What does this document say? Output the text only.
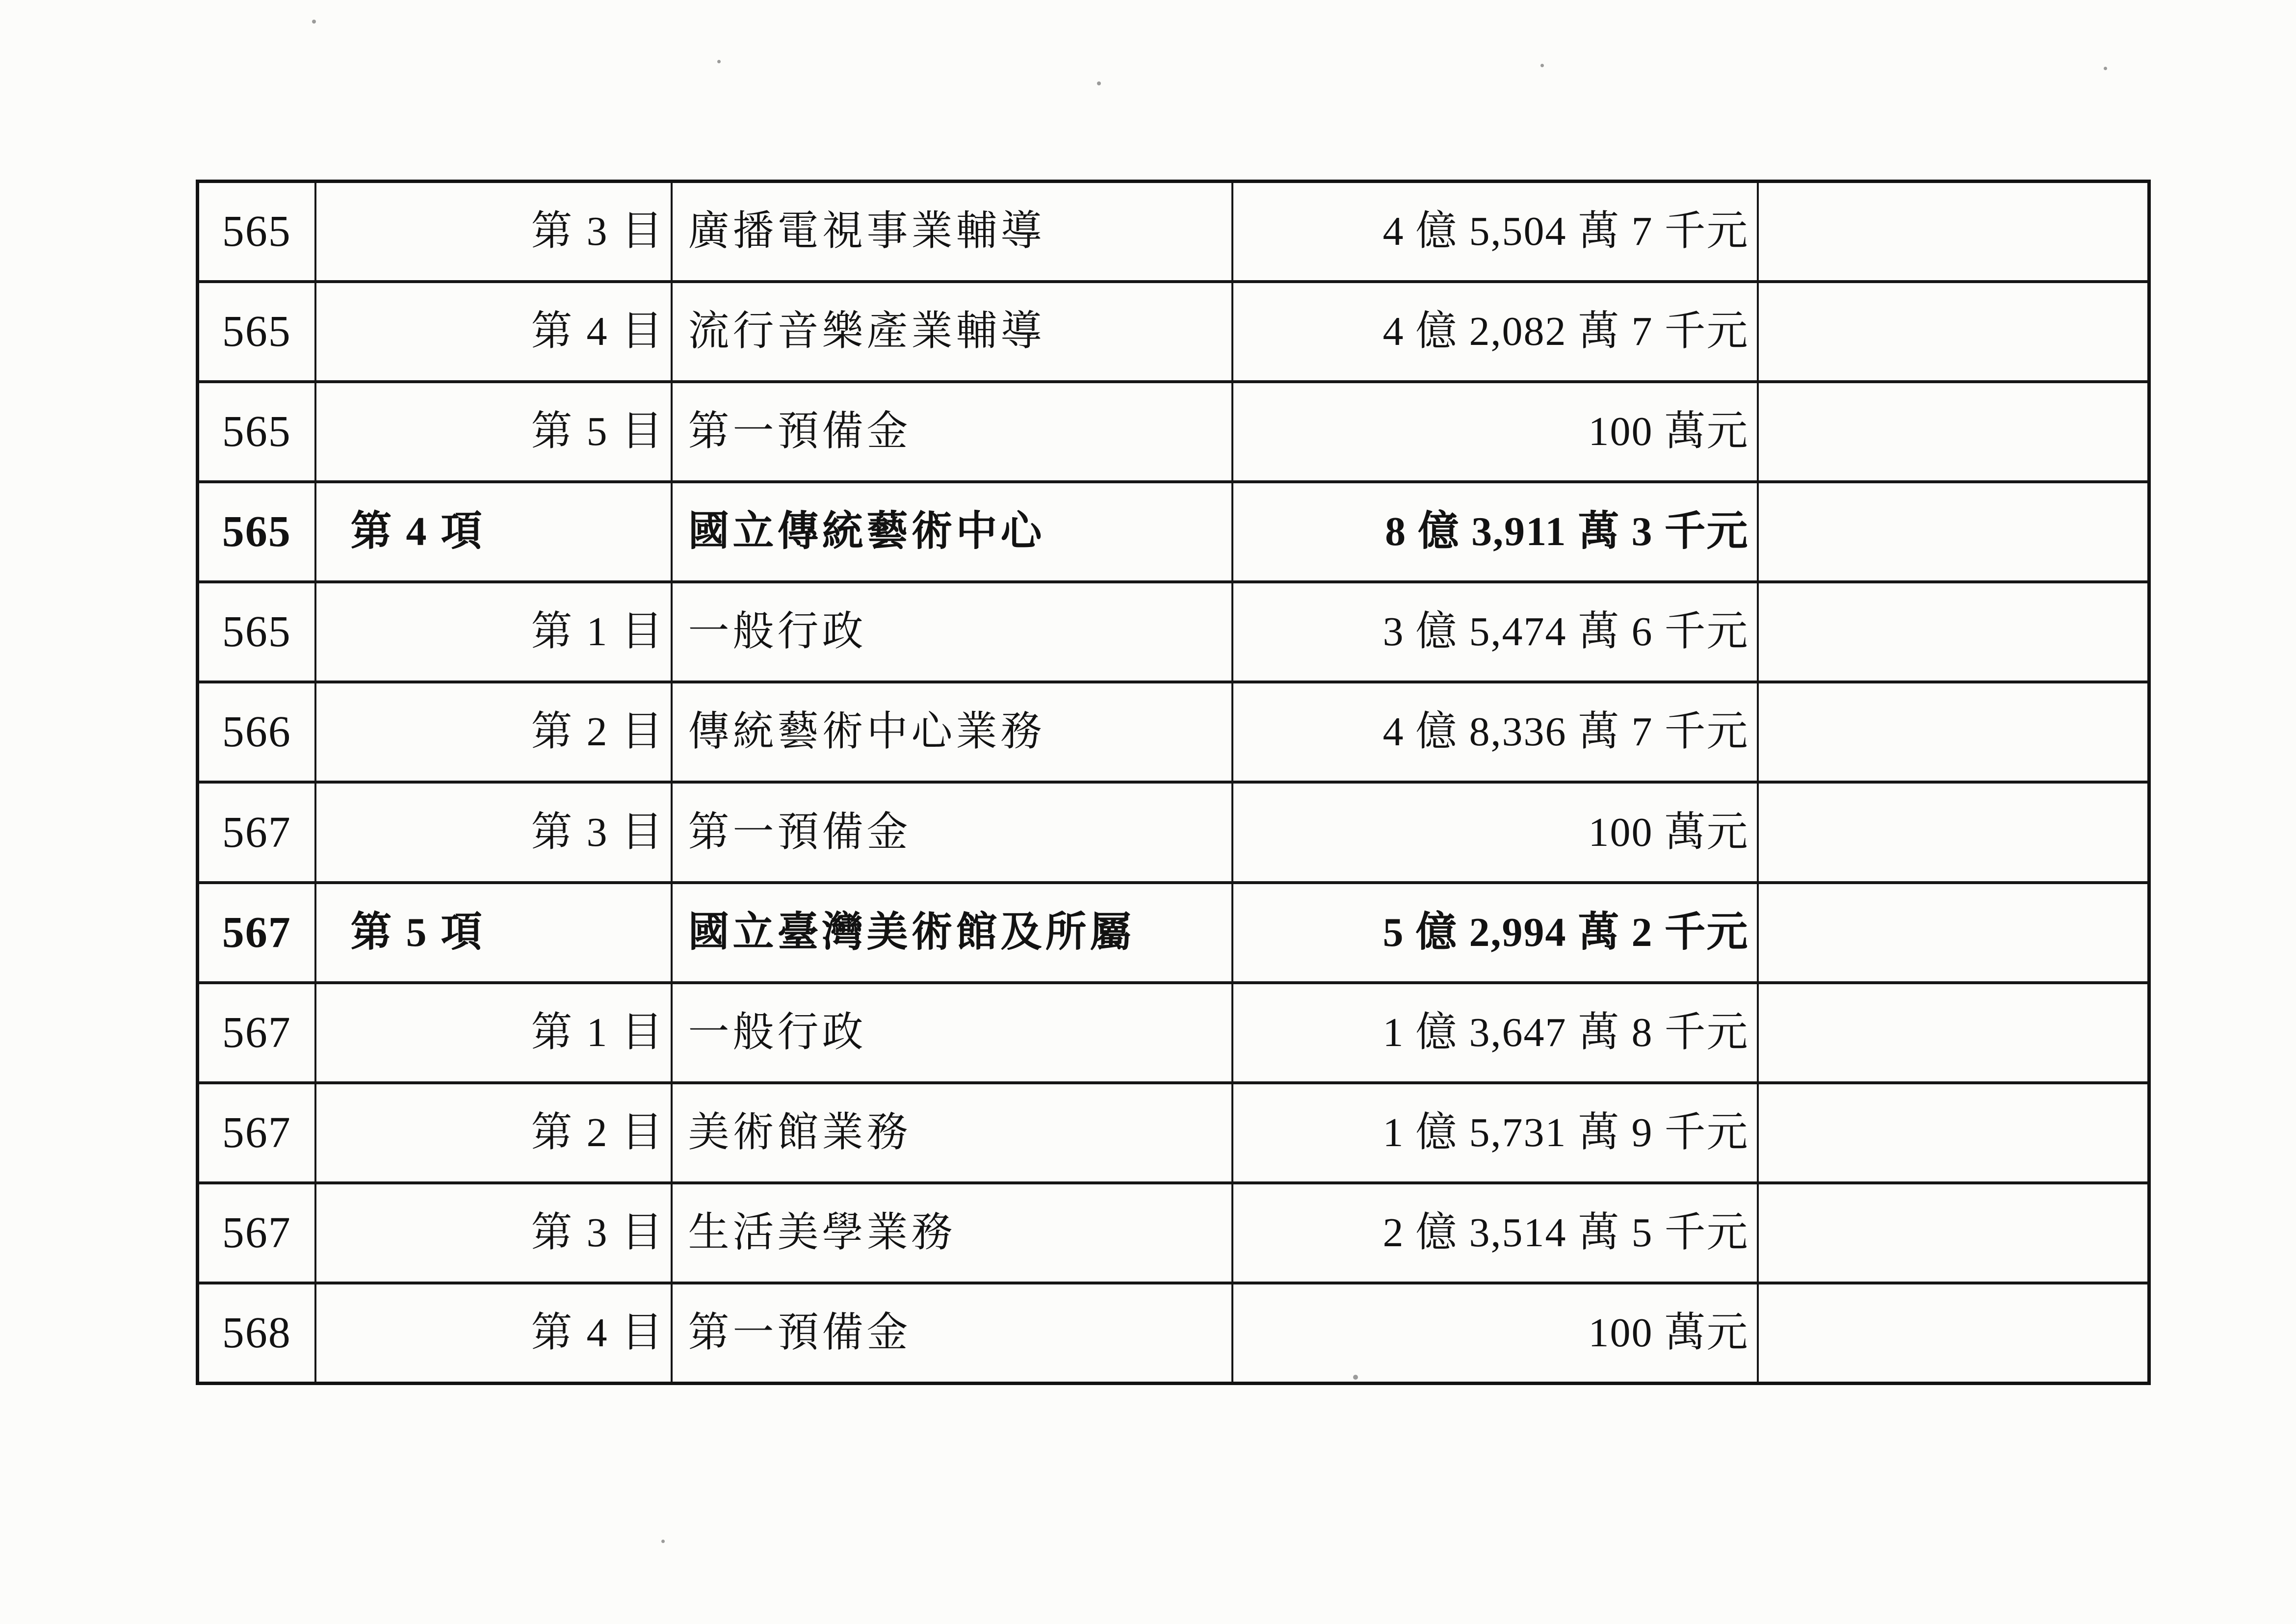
565	第 3 目	廣播電視事業輔導	4 億 5,504 萬 7 千元	
565	第 4 目	流行音樂產業輔導	4 億 2,082 萬 7 千元	
565	第 5 目	第一預備金	100 萬元	
565	第 4 項	國立傳統藝術中心	8 億 3,911 萬 3 千元	
565	第 1 目	一般行政	3 億 5,474 萬 6 千元	
566	第 2 目	傳統藝術中心業務	4 億 8,336 萬 7 千元	
567	第 3 目	第一預備金	100 萬元	
567	第 5 項	國立臺灣美術館及所屬	5 億 2,994 萬 2 千元	
567	第 1 目	一般行政	1 億 3,647 萬 8 千元	
567	第 2 目	美術館業務	1 億 5,731 萬 9 千元	
567	第 3 目	生活美學業務	2 億 3,514 萬 5 千元	
568	第 4 目	第一預備金	100 萬元	
